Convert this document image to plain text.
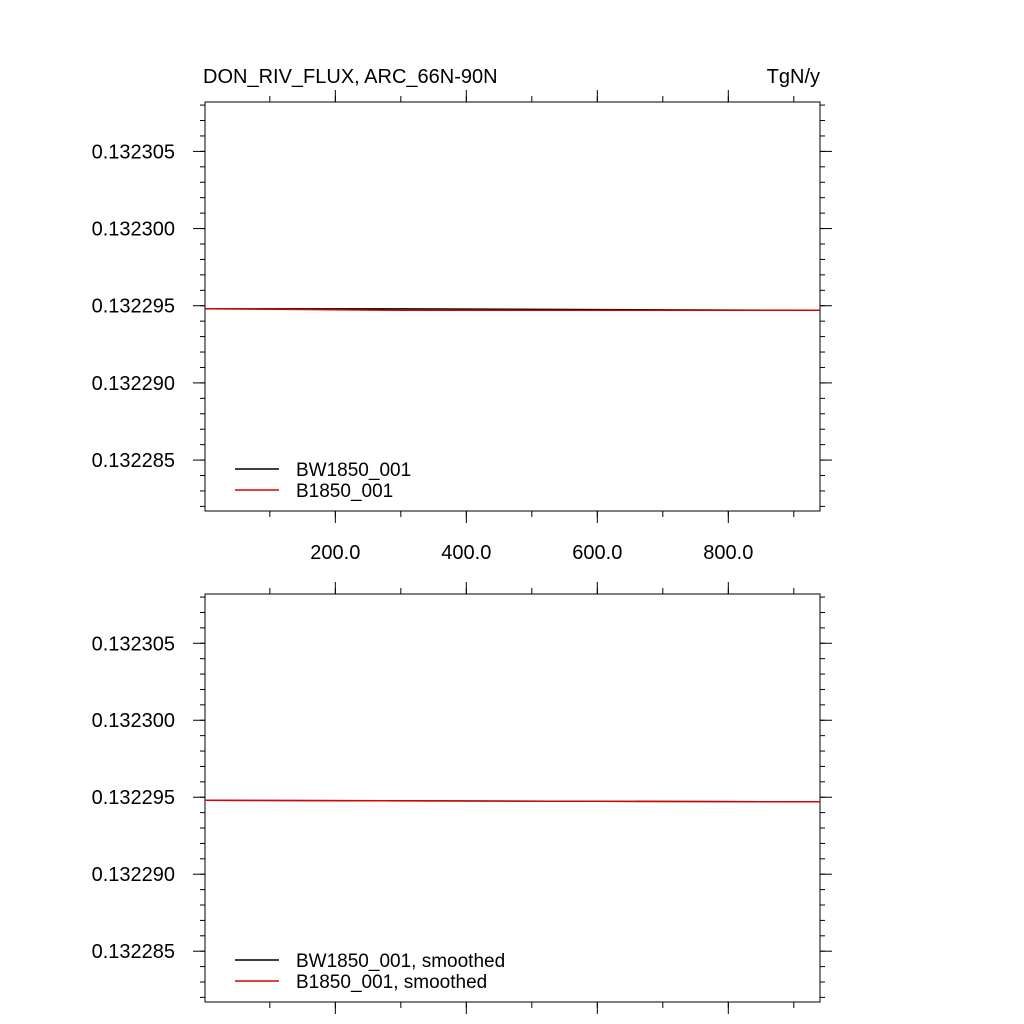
DON_RIV_FLUX, ARC_66N-90N	TgN/y
0.132285
0.132290
0.132295
0.132300
0.132305
200.0	400.0	600.0	800.0
BW1850_001
B1850_001
0.132285
0.132290
0.132295
0.132300
0.132305
BW1850_001, smoothed
B1850_001, smoothed
